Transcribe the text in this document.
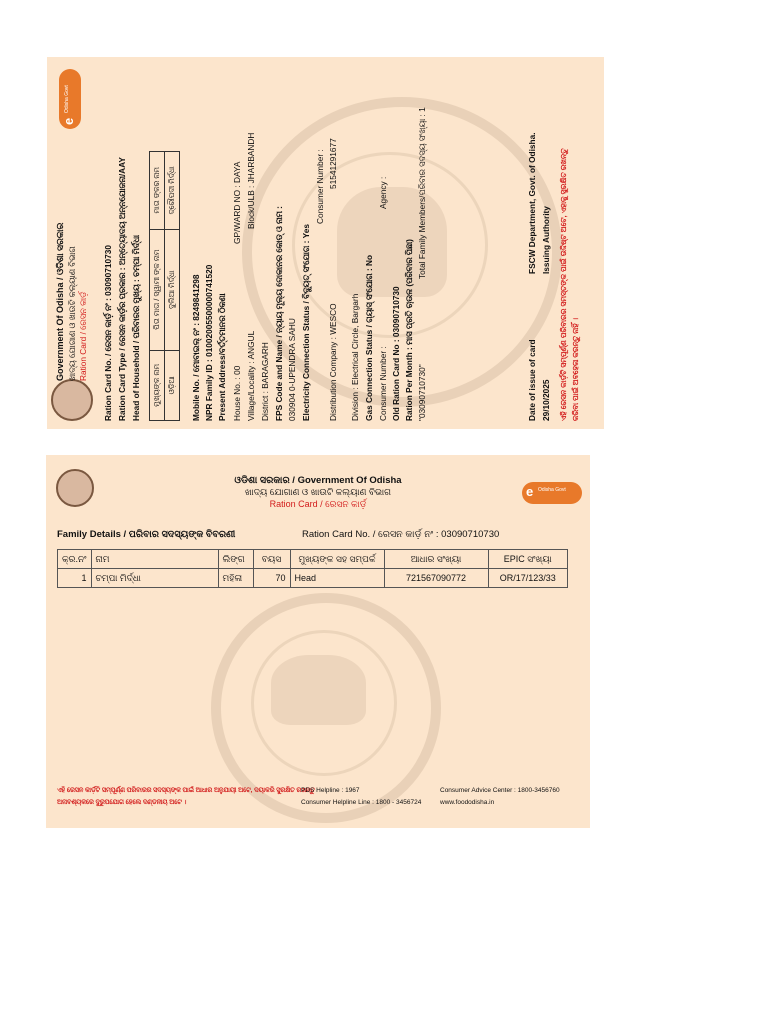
e
Odisha Govt
Government Of Odisha / ଓଡିଶା ସରକାର ଖାଦ୍ୟ ଯୋଗାଣ ଓ ଖାଉଟି କଲ୍ୟାଣ ବିଭାଗ Ration Card / ରେସନ କାର୍ଡ଼ Ration Card No. / ରେସନ କାର୍ଡ଼ ନଂ : 03090710730 Ration Card Type / ରେସନ କାର୍ଡ଼ର ପ୍ରକାର : ଅନ୍ତ୍ୟୋଦୟ ଅନ୍ନଯୋଜନା/AAY Head of Household / ପରିବାରର ମୁଖ୍ୟ : ଚମ୍ପା ମିର୍ଦ୍ଧା ମୁଖ୍ୟଙ୍କ ନାମ	ପିତା ମାତା / ସ୍ୱାମୀ ଙ୍କ ନାମ	ମାତା ଙ୍କର ନାମ
ଓଡ଼ିଆ	ଦୁଲିଆ ମିର୍ଦ୍ଧା	ଦ୍ରୌପଦୀ ମିର୍ଦ୍ଧା
Mobile No. / ମୋବାଇଲ୍ ନଂ : 8249841298 NPR Family ID : 01002005500000741520 Present Address/ବର୍ତ୍ତମାନର ଠିକଣା House No. : 00
GP/WARD NO : DAYA
Village/Locality : ANGUL
Block/ULB : JHARBANDH
District : BARAGARH FPS Code and Name / ନ୍ୟାୟ ମୂଲ୍ୟ ଦୋକାନର କୋଡ୍ ଓ ନାମ : 030904 0-UPENDRA SAHU Electricity Connection Status / ବିଦ୍ୟୁତ୍ ସଂଯୋଗ : Yes
Consumer Number : 51541291677
Distribution Company : WESCO Division : Electrical Circle, Bargarh Gas Connection Status / ଗ୍ୟାସ୍ ସଂଯୋଗ : No
Agency :
Consumer Number : Old Ration Card No : 03090710730 Ration Per Month : ମାସ ପ୍ରତି ଚାଉଳ (ପରିବାର ପିଛା) "03090710730"
Total Family Members/ପରିବାର ସଦସ୍ୟ ସଂଖ୍ୟା : 1
Date of issue of card 29/10/2025
FSCW Department, Govt. of Odisha. Issuing Authority ଏହି ରେସନ କାର୍ଡ଼ଟି ସମ୍ପୂର୍ଣ୍ଣ ପରିବାରର ସମସ୍ତଙ୍କ ପାଇଁ ଉଦ୍ଦିଷ୍ଟ ଅଟେ, ଏହାକୁ ସୁରକ୍ଷିତ ରଖନ୍ତୁ କରିବା ପାଇଁ ଅବହେଳା କରନ୍ତୁ ନାହିଁ ।
e Odisha Govt
ଓଡିଶା ସରକାର / Government Of Odisha
ଖାଦ୍ୟ ଯୋଗାଣ ଓ ଖାଉଟି କଲ୍ୟାଣ ବିଭାଗ
Ration Card / ରେସନ କାର୍ଡ଼
Family Details / ପରିବାର ସଦସ୍ୟଙ୍କ ବିବରଣୀ	Ration Card No. / ରେସନ କାର୍ଡ଼ ନଂ : 03090710730
କ୍ର.ନଂ	ନାମ	ଲିଙ୍ଗ	ବୟସ	ମୁଖ୍ୟଙ୍କ ସହ ସମ୍ପର୍କ	ଆଧାର ସଂଖ୍ୟା	EPIC ସଂଖ୍ୟା
1	ଚମ୍ପା ମିର୍ଦ୍ଧା	ମହିଳା	70	Head	721567090772	OR/17/123/33
ଏହି ରେସନ କାର୍ଡ଼ଟି ସମ୍ପୂର୍ଣ୍ଣ ପରିବାରର ସଦସ୍ୟଙ୍କ ପାଇଁ ଆଧାର ଅନୁଯାୟୀ ଅଟେ, ଦୟାକରି ସୁରକ୍ଷିତ ରଖନ୍ତୁ
ଅନାବଶ୍ୟକରେ ଦୁରୁପଯୋଗ ହେଲେ ଦଣ୍ଡନୀୟ ଅଟେ ।
PDS Helpline : 1967
Consumer Helpline Line : 1800 - 3456724
Consumer Advice Center : 1800-3456760
www.foododisha.in
